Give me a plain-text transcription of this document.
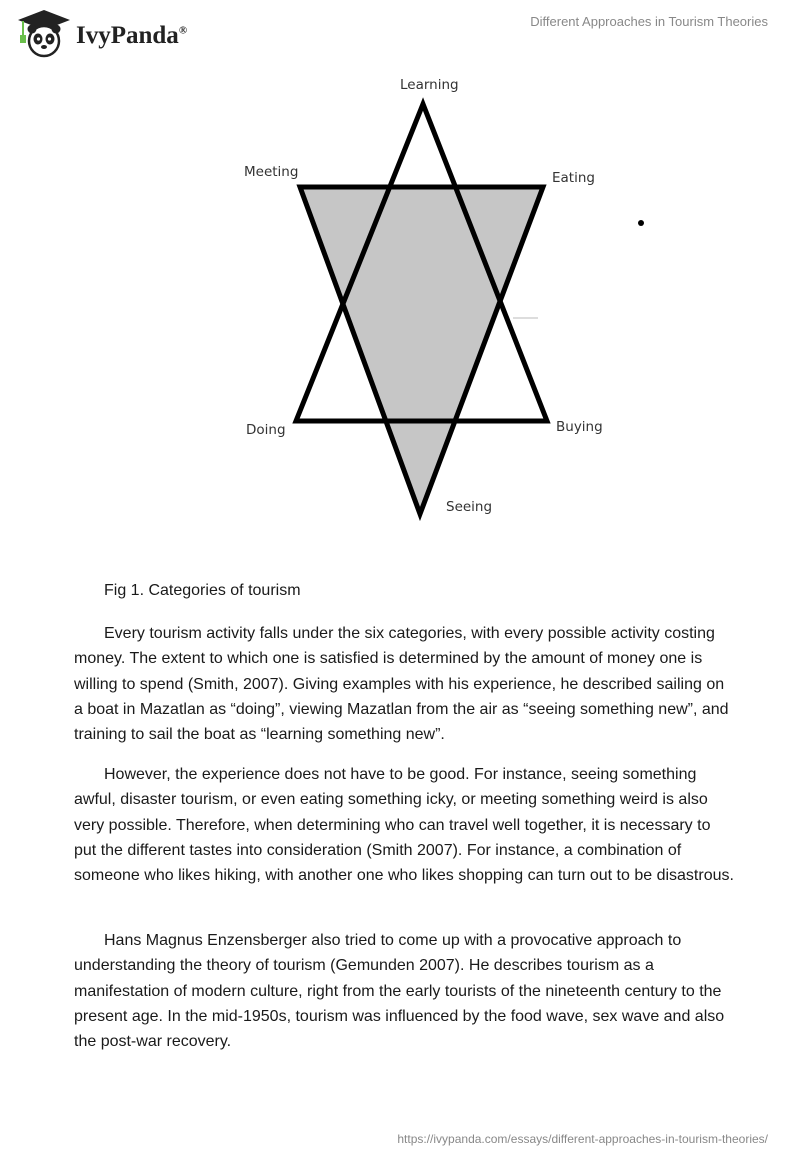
IvyPanda®
Different Approaches in Tourism Theories
Learning
Meeting	Eating
Doing	Buying
Seeing
Fig 1. Categories of tourism

Every tourism activity falls under the six categories, with every possible activity costing money. The extent to which one is satisfied is determined by the amount of money one is willing to spend (Smith, 2007). Giving examples with his experience, he described sailing on a boat in Mazatlan as “doing”, viewing Mazatlan from the air as “seeing something new”, and training to sail the boat as “learning something new”.

However, the experience does not have to be good. For instance, seeing something awful, disaster tourism, or even eating something icky, or meeting something weird is also very possible. Therefore, when determining who can travel well together, it is necessary to put the different tastes into consideration (Smith 2007). For instance, a combination of someone who likes hiking, with another one who likes shopping can turn out to be disastrous.

Hans Magnus Enzensberger also tried to come up with a provocative approach to understanding the theory of tourism (Gemunden 2007). He describes tourism as a manifestation of modern culture, right from the early tourists of the nineteenth century to the present age. In the mid-1950s, tourism was influenced by the food wave, sex wave and also the post-war recovery.

https://ivypanda.com/essays/different-approaches-in-tourism-theories/
